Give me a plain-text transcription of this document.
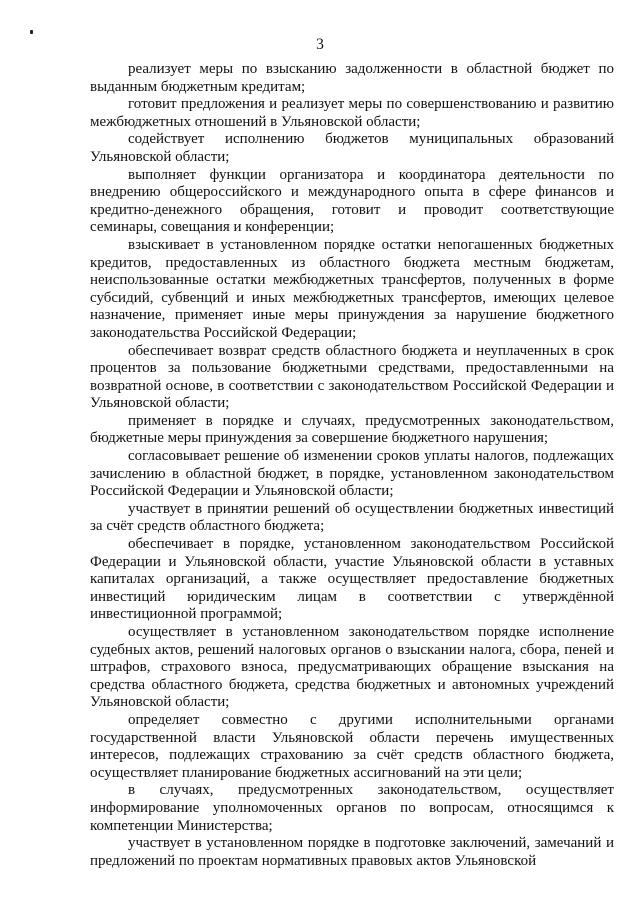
3

реализует меры по взысканию задолженности в областной бюджет по выданным бюджетным кредитам;

готовит предложения и реализует меры по совершенствованию и развитию межбюджетных отношений в Ульяновской области;

содействует исполнению бюджетов муниципальных образований Ульяновской области;

выполняет функции организатора и координатора деятельности по внедрению общероссийского и международного опыта в сфере финансов и кредитно-денежного обращения, готовит и проводит соответствующие семинары, совещания и конференции;

взыскивает в установленном порядке остатки непогашенных бюджетных кредитов, предоставленных из областного бюджета местным бюджетам, неиспользованные остатки межбюджетных трансфертов, полученных в форме субсидий, субвенций и иных межбюджетных трансфертов, имеющих целевое назначение, применяет иные меры принуждения за нарушение бюджетного законодательства Российской Федерации;

обеспечивает возврат средств областного бюджета и неуплаченных в срок процентов за пользование бюджетными средствами, предоставленными на возвратной основе, в соответствии с законодательством Российской Федерации и Ульяновской области;

применяет в порядке и случаях, предусмотренных законодательством, бюджетные меры принуждения за совершение бюджетного нарушения;

согласовывает решение об изменении сроков уплаты налогов, подлежащих зачислению в областной бюджет, в порядке, установленном законодательством Российской Федерации и Ульяновской области;

участвует в принятии решений об осуществлении бюджетных инвестиций за счёт средств областного бюджета;

обеспечивает в порядке, установленном законодательством Российской Федерации и Ульяновской области, участие Ульяновской области в уставных капиталах организаций, а также осуществляет предоставление бюджетных инвестиций юридическим лицам в соответствии с утверждённой инвестиционной программой;

осуществляет в установленном законодательством порядке исполнение судебных актов, решений налоговых органов о взыскании налога, сбора, пеней и штрафов, страхового взноса, предусматривающих обращение взыскания на средства областного бюджета, средства бюджетных и автономных учреждений Ульяновской области;

определяет совместно с другими исполнительными органами государственной власти Ульяновской области перечень имущественных интересов, подлежащих страхованию за счёт средств областного бюджета, осуществляет планирование бюджетных ассигнований на эти цели;

в случаях, предусмотренных законодательством, осуществляет информирование уполномоченных органов по вопросам, относящимся к компетенции Министерства;

участвует в установленном порядке в подготовке заключений, замечаний и предложений по проектам нормативных правовых актов Ульяновской
